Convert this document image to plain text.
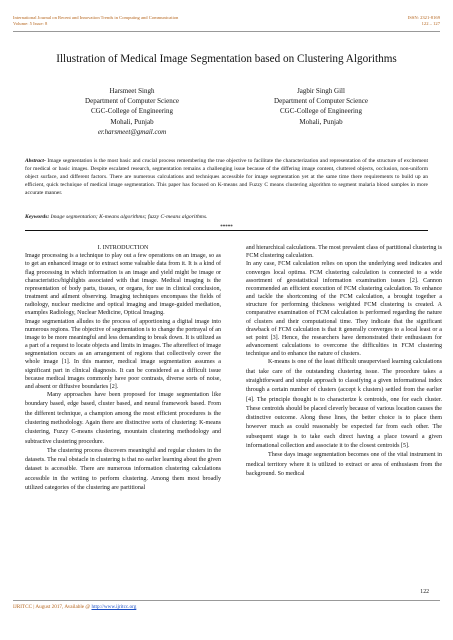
International Journal on Recent and Innovation Trends in Computing and Communication
Volume: 5 Issue: 8
ISSN: 2321-8169
122 – 127
Illustration of Medical Image Segmentation based on Clustering Algorithms
Harsmeet Singh
Department of Computer Science
CGC-College of Engineering
Mohali, Punjab
er.harsmeet@gmail.com
Jagbir Singh Gill
Department of Computer Science
CGC-College of Engineering
Mohali, Punjab
Abstract- Image segmentation is the most basic and crucial process remembering the true objective to facilitate the characterization and representation of the structure of excitement for medical or basic images. Despite escalated research, segmentation remains a challenging issue because of the differing image content, cluttered objects, occlusion, non-uniform object surface, and different factors. There are numerous calculations and techniques accessible for image segmentation yet at the same time there requirements to build up an efficient, quick technique of medical image segmentation. This paper has focused on K-means and Fuzzy C means clustering algorithm to segment malaria blood samples in more accurate manner.
Keywords: Image segmentation; K-means algorithms; fuzzy C-means algorithms.
*****

I. INTRODUCTION

Image processing is a technique to play out a few operations on an image, so as to get an enhanced image or to extract some valuable data from it. It is a kind of flag processing in which information is an image and yield might be image or characteristics/highlights associated with that image. Medical imaging is the representation of body parts, tissues, or organs, for use in clinical conclusion, treatment and ailment observing. Imaging techniques encompass the fields of radiology, nuclear medicine and optical imaging and image-guided mediation, examples Radiology, Nuclear Medicine, Optical Imaging.

Image segmentation alludes to the process of apportioning a digital image into numerous regions. The objective of segmentation is to change the portrayal of an image to be more meaningful and less demanding to break down. It is utilized as a part of a request to locate objects and limits in images. The aftereffect of image segmentation occurs as an arrangement of regions that collectively cover the whole image [1]. In this manner, medical image segmentation assumes a significant part in clinical diagnosis. It can be considered as a difficult issue because medical images commonly have poor contrasts, diverse sorts of noise, and absent or diffusive boundaries [2].

Many approaches have been proposed for image segmentation like boundary based, edge based, cluster based, and neural framework based. From the different technique, a champion among the most efficient procedures is the clustering methodology. Again there are distinctive sorts of clustering: K-means clustering, Fuzzy C-means clustering, mountain clustering methodology and subtractive clustering procedure.

The clustering process discovers meaningful and regular clusters in the datasets. The real obstacle in clustering is that no earlier learning about the given dataset is accessible. There are numerous information clustering calculations accessible in the writing to perform clustering. Among them most broadly utilized categories of the clustering are partitional

and hierarchical calculations. The most prevalent class of partitional clustering is FCM clustering calculation.

In any case, FCM calculation relies on upon the underlying seed indicates and converges local optima. FCM clustering calculation is connected to a wide assortment of geostatistical information examination issues [2]. Cannon recommended an efficient execution of FCM clustering calculation. To enhance and tackle the shortcoming of the FCM calculation, a brought together a structure for performing thickness weighted FCM clustering is created. A comparative examination of FCM calculation is performed regarding the nature of clusters and their computational time. They indicate that the significant drawback of FCM calculation is that it generally converges to a local least or a set point [3]. Hence, the researchers have demonstrated their enthusiasm for advancement calculations to overcome the difficulties in FCM clustering technique and to enhance the nature of clusters.

K-means is one of the least difficult unsupervised learning calculations that take care of the outstanding clustering issue. The procedure takes a straightforward and simple approach to classifying a given informational index through a certain number of clusters (accept k clusters) settled from the earlier [4]. The principle thought is to characterize k centroids, one for each cluster. These centroids should be placed cleverly because of various location causes the distinctive outcome. Along these lines, the better choice is to place them however much as could reasonably be expected far from each other. The subsequent stage is to take each direct having a place toward a given informational collection and associate it to the closest centroids [5].

These days image segmentation becomes one of the vital instrument in medical territory where it is utilized to extract or area of enthusiasm from the background. So medical

122
IJRITCC | August 2017, Available @ http://www.ijritcc.org
